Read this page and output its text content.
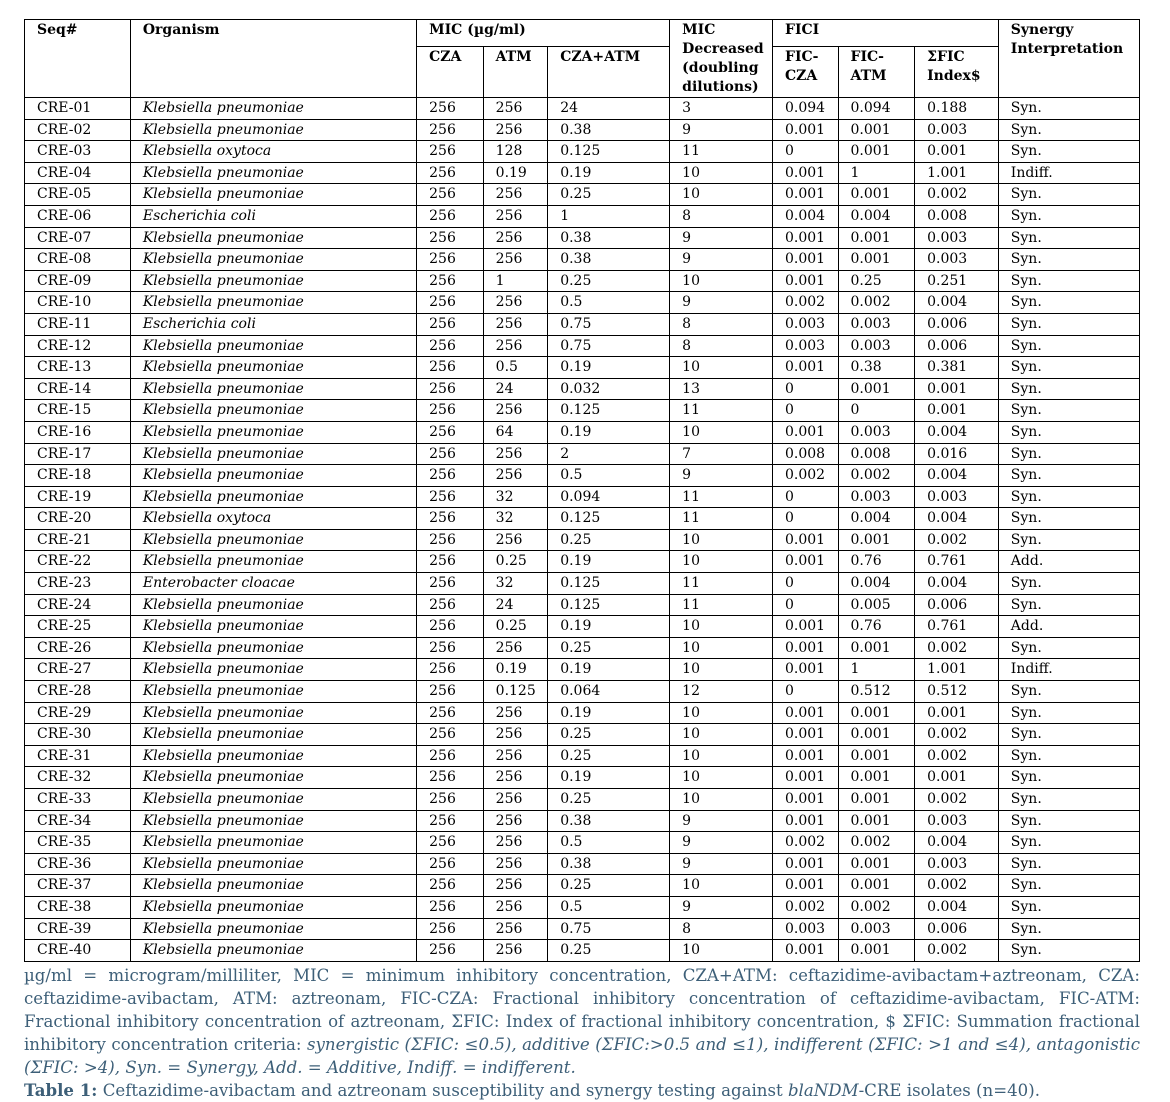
Seq#	Organism	MIC (µg/ml)			MIC Decreased (doubling dilutions)	FICI			Synergy Interpretation
		CZA	ATM	CZA+ATM		FIC-CZA	FIC-ATM	ΣFIC Index$	
CRE-01	Klebsiella pneumoniae	256	256	24	3	0.094	0.094	0.188	Syn.
CRE-02	Klebsiella pneumoniae	256	256	0.38	9	0.001	0.001	0.003	Syn.
CRE-03	Klebsiella oxytoca	256	128	0.125	11	0	0.001	0.001	Syn.
CRE-04	Klebsiella pneumoniae	256	0.19	0.19	10	0.001	1	1.001	Indiff.
CRE-05	Klebsiella pneumoniae	256	256	0.25	10	0.001	0.001	0.002	Syn.
CRE-06	Escherichia coli	256	256	1	8	0.004	0.004	0.008	Syn.
CRE-07	Klebsiella pneumoniae	256	256	0.38	9	0.001	0.001	0.003	Syn.
CRE-08	Klebsiella pneumoniae	256	256	0.38	9	0.001	0.001	0.003	Syn.
CRE-09	Klebsiella pneumoniae	256	1	0.25	10	0.001	0.25	0.251	Syn.
CRE-10	Klebsiella pneumoniae	256	256	0.5	9	0.002	0.002	0.004	Syn.
CRE-11	Escherichia coli	256	256	0.75	8	0.003	0.003	0.006	Syn.
CRE-12	Klebsiella pneumoniae	256	256	0.75	8	0.003	0.003	0.006	Syn.
CRE-13	Klebsiella pneumoniae	256	0.5	0.19	10	0.001	0.38	0.381	Syn.
CRE-14	Klebsiella pneumoniae	256	24	0.032	13	0	0.001	0.001	Syn.
CRE-15	Klebsiella pneumoniae	256	256	0.125	11	0	0	0.001	Syn.
CRE-16	Klebsiella pneumoniae	256	64	0.19	10	0.001	0.003	0.004	Syn.
CRE-17	Klebsiella pneumoniae	256	256	2	7	0.008	0.008	0.016	Syn.
CRE-18	Klebsiella pneumoniae	256	256	0.5	9	0.002	0.002	0.004	Syn.
CRE-19	Klebsiella pneumoniae	256	32	0.094	11	0	0.003	0.003	Syn.
CRE-20	Klebsiella oxytoca	256	32	0.125	11	0	0.004	0.004	Syn.
CRE-21	Klebsiella pneumoniae	256	256	0.25	10	0.001	0.001	0.002	Syn.
CRE-22	Klebsiella pneumoniae	256	0.25	0.19	10	0.001	0.76	0.761	Add.
CRE-23	Enterobacter cloacae	256	32	0.125	11	0	0.004	0.004	Syn.
CRE-24	Klebsiella pneumoniae	256	24	0.125	11	0	0.005	0.006	Syn.
CRE-25	Klebsiella pneumoniae	256	0.25	0.19	10	0.001	0.76	0.761	Add.
CRE-26	Klebsiella pneumoniae	256	256	0.25	10	0.001	0.001	0.002	Syn.
CRE-27	Klebsiella pneumoniae	256	0.19	0.19	10	0.001	1	1.001	Indiff.
CRE-28	Klebsiella pneumoniae	256	0.125	0.064	12	0	0.512	0.512	Syn.
CRE-29	Klebsiella pneumoniae	256	256	0.19	10	0.001	0.001	0.001	Syn.
CRE-30	Klebsiella pneumoniae	256	256	0.25	10	0.001	0.001	0.002	Syn.
CRE-31	Klebsiella pneumoniae	256	256	0.25	10	0.001	0.001	0.002	Syn.
CRE-32	Klebsiella pneumoniae	256	256	0.19	10	0.001	0.001	0.001	Syn.
CRE-33	Klebsiella pneumoniae	256	256	0.25	10	0.001	0.001	0.002	Syn.
CRE-34	Klebsiella pneumoniae	256	256	0.38	9	0.001	0.001	0.003	Syn.
CRE-35	Klebsiella pneumoniae	256	256	0.5	9	0.002	0.002	0.004	Syn.
CRE-36	Klebsiella pneumoniae	256	256	0.38	9	0.001	0.001	0.003	Syn.
CRE-37	Klebsiella pneumoniae	256	256	0.25	10	0.001	0.001	0.002	Syn.
CRE-38	Klebsiella pneumoniae	256	256	0.5	9	0.002	0.002	0.004	Syn.
CRE-39	Klebsiella pneumoniae	256	256	0.75	8	0.003	0.003	0.006	Syn.
CRE-40	Klebsiella pneumoniae	256	256	0.25	10	0.001	0.001	0.002	Syn.
µg/ml = microgram/milliliter, MIC = minimum inhibitory concentration, CZA+ATM: ceftazidime-avibactam+aztreonam, CZA: ceftazidime-avibactam, ATM: aztreonam, FIC-CZA: Fractional inhibitory concentration of ceftazidime-avibactam, FIC-ATM: Fractional inhibitory concentration of aztreonam, ΣFIC: Index of fractional inhibitory concentration, $ ΣFIC: Summation fractional inhibitory concentration criteria: synergistic (ΣFIC: ≤0.5), additive (ΣFIC:>0.5 and ≤1), indifferent (ΣFIC: >1 and ≤4), antagonistic (ΣFIC: >4), Syn. = Synergy, Add. = Additive, Indiff. = indifferent.
Table 1: Ceftazidime-avibactam and aztreonam susceptibility and synergy testing against blaNDM-CRE isolates (n=40).
